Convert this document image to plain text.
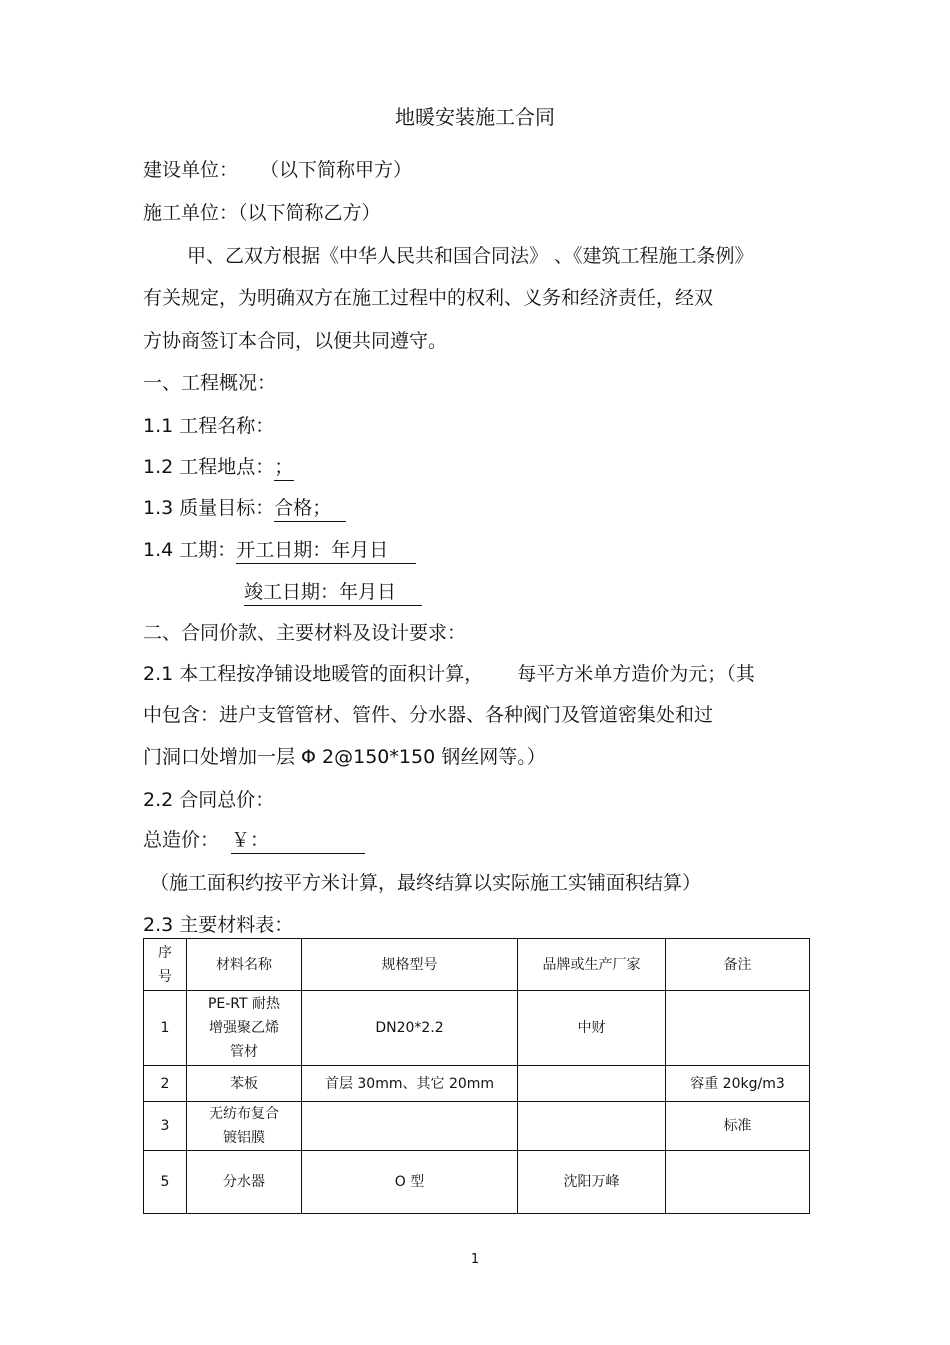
地暖安装施工合同
建设单位： （以下简称甲方）
施工单位：（以下简称乙方）
甲、乙双方根据《中华人民共和国合同法》 、《建筑工程施工条例》
有关规定，为明确双方在施工过程中的权利、义务和经济责任，经双
方协商签订本合同，以便共同遵守。
一、工程概况：
1.1 工程名称：
1.2 工程地点：；
1.3 质量目标：合格；
1.4 工期：开工日期：年月日
竣工日期：年月日
二、合同价款、主要材料及设计要求：
2.1 本工程按净铺设地暖管的面积计算， 每平方米单方造价为元；（其
中包含：进户支管管材、管件、分水器、各种阀门及管道密集处和过
门洞口处增加一层 Φ 2@150*150 钢丝网等。）
2.2 合同总价：
总造价： ￥：
（施工面积约按平方米计算，最终结算以实际施工实铺面积结算）
2.3 主要材料表：
序
号	材料名称	规格型号	品牌或生产厂家	备注
1	PE-RT 耐热
增强聚乙烯
管材	DN20*2.2	中财	
2	苯板	首层 30mm、其它 20mm		容重 20kg/m3
3	无纺布复合
镀铝膜			标准
5	分水器	O 型	沈阳万峰	
1
